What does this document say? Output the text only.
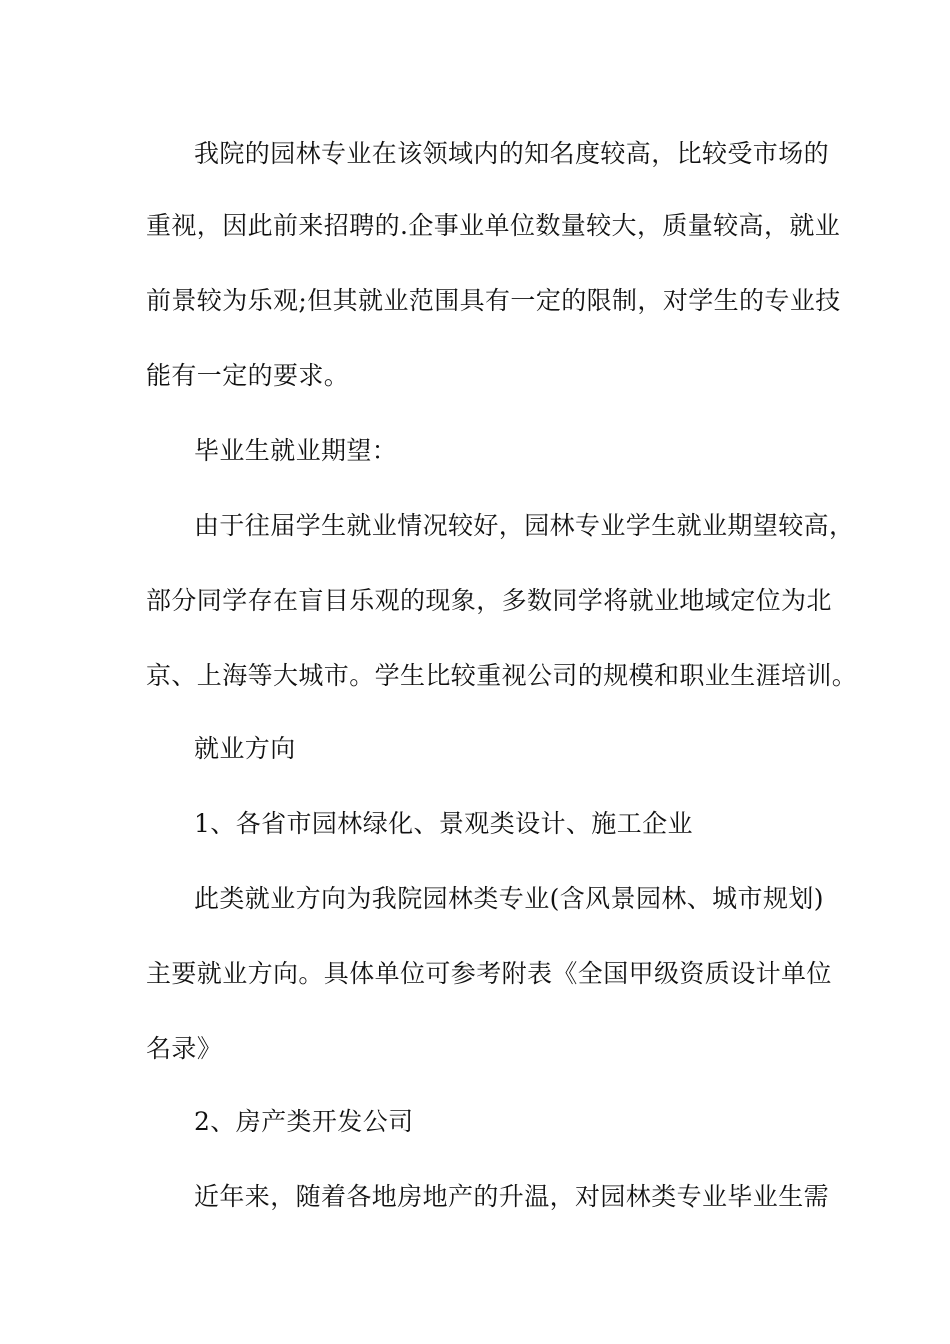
我院的园林专业在该领域内的知名度较高，比较受市场的

重视，因此前来招聘的.企事业单位数量较大，质量较高，就业

前景较为乐观;但其就业范围具有一定的限制，对学生的专业技

能有一定的要求。

毕业生就业期望：

由于往届学生就业情况较好，园林专业学生就业期望较高，

部分同学存在盲目乐观的现象，多数同学将就业地域定位为北

京、上海等大城市。学生比较重视公司的规模和职业生涯培训。

就业方向

1、各省市园林绿化、景观类设计、施工企业

此类就业方向为我院园林类专业(含风景园林、城市规划)

主要就业方向。具体单位可参考附表《全国甲级资质设计单位

名录》

2、房产类开发公司

近年来，随着各地房地产的升温，对园林类专业毕业生需
